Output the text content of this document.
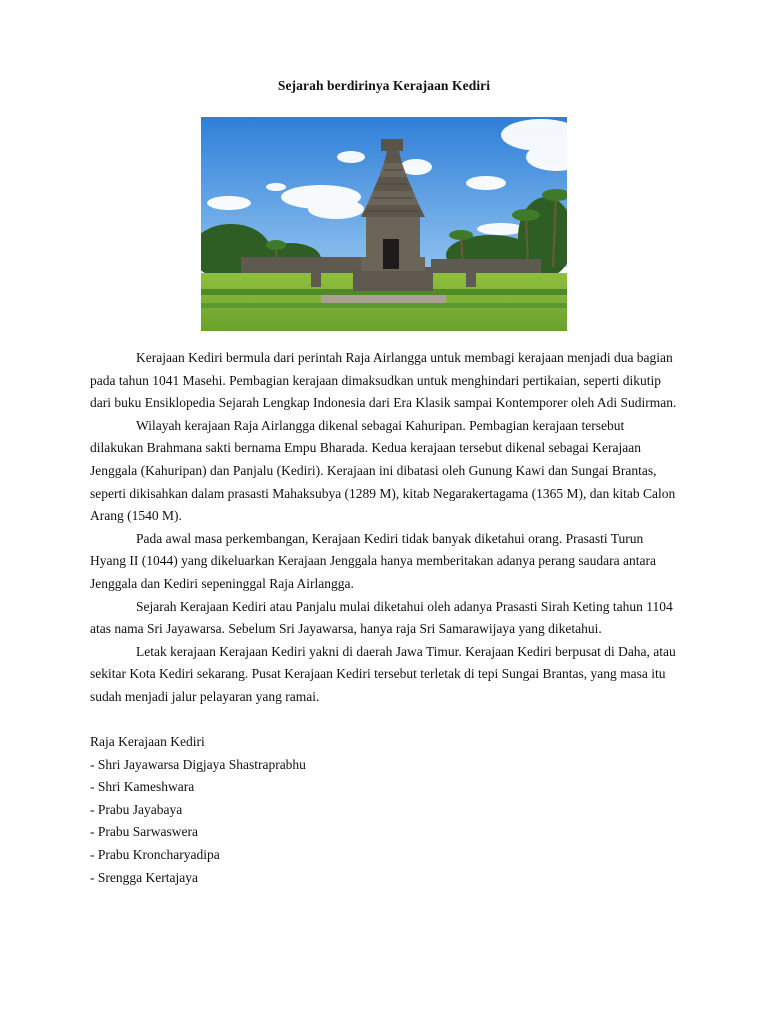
Sejarah berdirinya Kerajaan Kediri

Kerajaan Kediri bermula dari perintah Raja Airlangga untuk membagi kerajaan menjadi dua bagian pada tahun 1041 Masehi. Pembagian kerajaan dimaksudkan untuk menghindari pertikaian, seperti dikutip dari buku Ensiklopedia Sejarah Lengkap Indonesia dari Era Klasik sampai Kontemporer oleh Adi Sudirman.

Wilayah kerajaan Raja Airlangga dikenal sebagai Kahuripan. Pembagian kerajaan tersebut dilakukan Brahmana sakti bernama Empu Bharada. Kedua kerajaan tersebut dikenal sebagai Kerajaan Jenggala (Kahuripan) dan Panjalu (Kediri). Kerajaan ini dibatasi oleh Gunung Kawi dan Sungai Brantas, seperti dikisahkan dalam prasasti Mahaksubya (1289 M), kitab Negarakertagama (1365 M), dan kitab Calon Arang (1540 M).

Pada awal masa perkembangan, Kerajaan Kediri tidak banyak diketahui orang. Prasasti Turun Hyang II (1044) yang dikeluarkan Kerajaan Jenggala hanya memberitakan adanya perang saudara antara Jenggala dan Kediri sepeninggal Raja Airlangga.

Sejarah Kerajaan Kediri atau Panjalu mulai diketahui oleh adanya Prasasti Sirah Keting tahun 1104 atas nama Sri Jayawarsa. Sebelum Sri Jayawarsa, hanya raja Sri Samarawijaya yang diketahui.

Letak kerajaan Kerajaan Kediri yakni di daerah Jawa Timur. Kerajaan Kediri berpusat di Daha, atau sekitar Kota Kediri sekarang. Pusat Kerajaan Kediri tersebut terletak di tepi Sungai Brantas, yang masa itu sudah menjadi jalur pelayaran yang ramai.

Raja Kerajaan Kediri

- Shri Jayawarsa Digjaya Shastraprabhu
- Shri Kameshwara
- Prabu Jayabaya
- Prabu Sarwaswera
- Prabu Kroncharyadipa
- Srengga Kertajaya
